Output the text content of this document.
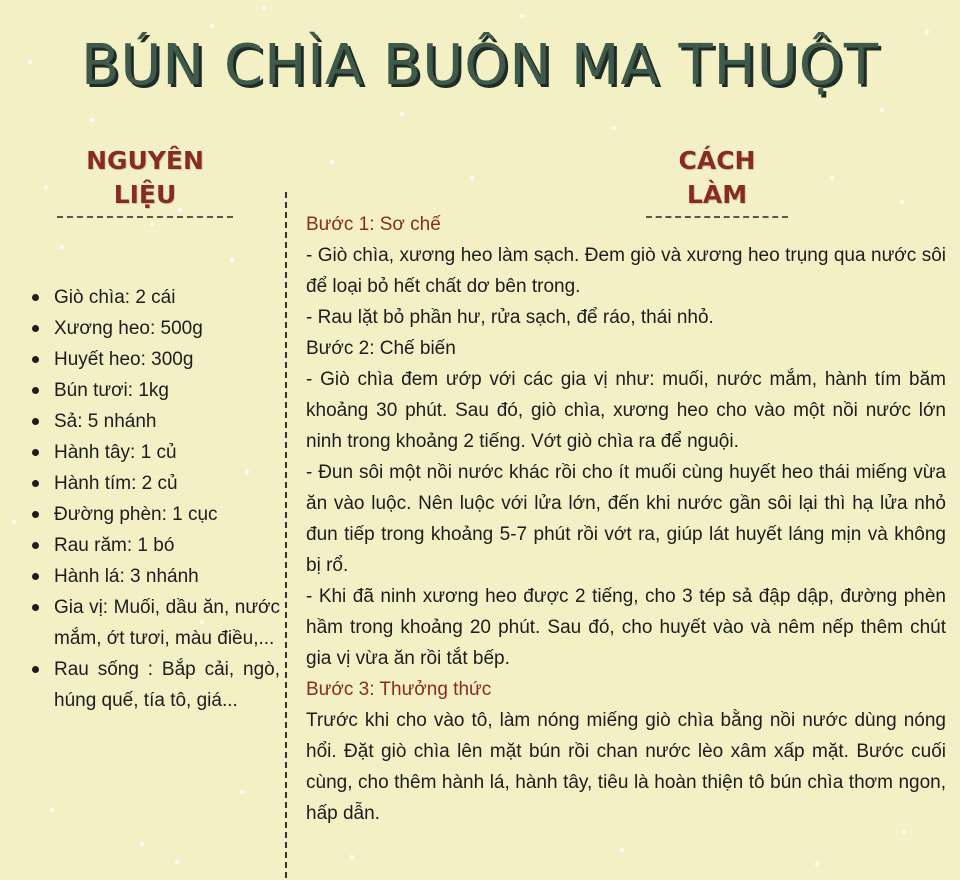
BÚN CHÌA BUÔN MA THUỘT
NGUYÊN LIỆU
CÁCH LÀM
Giò chìa: 2 cái
Xương heo: 500g
Huyết heo: 300g
Bún tươi: 1kg
Sả: 5 nhánh
Hành tây: 1 củ
Hành tím: 2 củ
Đường phèn: 1 cục
Rau răm: 1 bó
Hành lá: 3 nhánh
Gia vị: Muối, dầu ăn, nước mắm, ớt tươi, màu điều,...
Rau sống : Bắp cải, ngò, húng quế, tía tô, giá...
Bước 1: Sơ chế
- Giò chìa, xương heo làm sạch. Đem giò và xương heo trụng qua nước sôi để loại bỏ hết chất dơ bên trong.
- Rau lặt bỏ phần hư, rửa sạch, để ráo, thái nhỏ.
Bước 2: Chế biến
- Giò chìa đem ướp với các gia vị như: muối, nước mắm, hành tím băm khoảng 30 phút. Sau đó, giò chìa, xương heo cho vào một nồi nước lớn ninh trong khoảng 2 tiếng. Vớt giò chìa ra để nguội.
- Đun sôi một nồi nước khác rồi cho ít muối cùng huyết heo thái miếng vừa ăn vào luộc. Nên luộc với lửa lớn, đến khi nước gần sôi lại thì hạ lửa nhỏ đun tiếp trong khoảng 5-7 phút rồi vớt ra, giúp lát huyết láng mịn và không bị rổ.
- Khi đã ninh xương heo được 2 tiếng, cho 3 tép sả đập dập, đường phèn hầm trong khoảng 20 phút. Sau đó, cho huyết vào và nêm nếp thêm chút gia vị vừa ăn rồi tắt bếp.
Bước 3: Thưởng thức
Trước khi cho vào tô, làm nóng miếng giò chìa bằng nồi nước dùng nóng hổi. Đặt giò chìa lên mặt bún rồi chan nước lèo xâm xấp mặt. Bước cuối cùng, cho thêm hành lá, hành tây, tiêu là hoàn thiện tô bún chìa thơm ngon, hấp dẫn.
